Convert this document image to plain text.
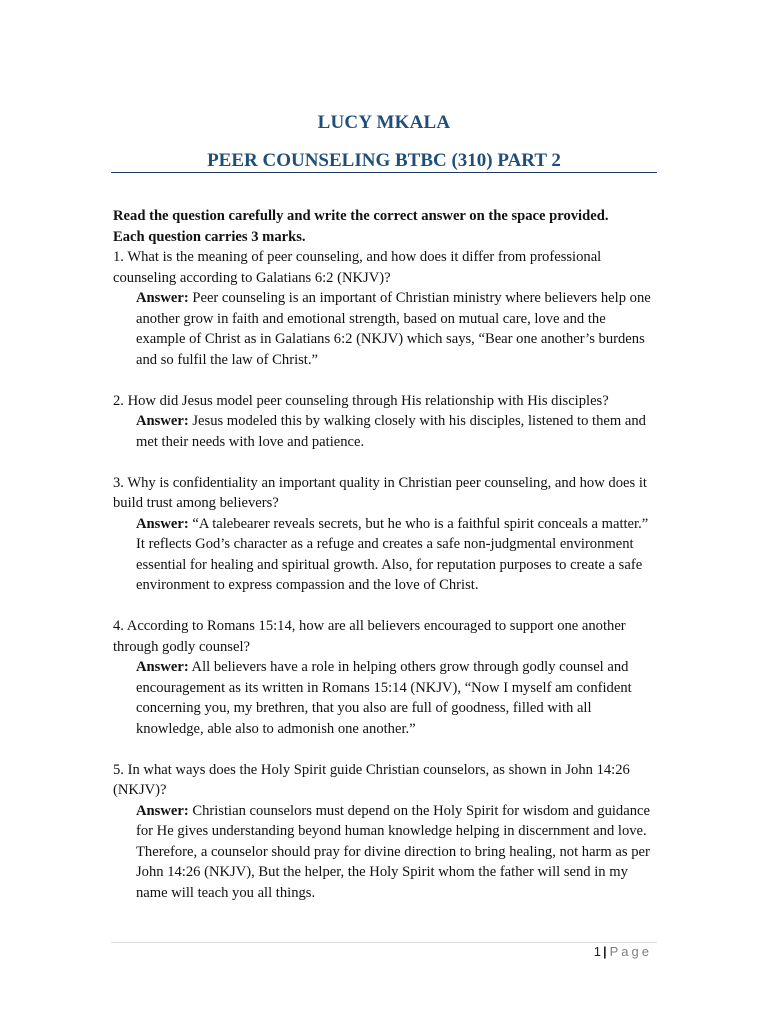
LUCY MKALA
PEER COUNSELING BTBC (310) PART 2

Read the question carefully and write the correct answer on the space provided.
Each question carries 3 marks.

1. What is the meaning of peer counseling, and how does it differ from professional counseling according to Galatians 6:2 (NKJV)?

Answer: Peer counseling is an important of Christian ministry where believers help one another grow in faith and emotional strength, based on mutual care, love and the example of Christ as in Galatians 6:2 (NKJV) which says, “Bear one another’s burdens and so fulfil the law of Christ.”

2. How did Jesus model peer counseling through His relationship with His disciples?

Answer: Jesus modeled this by walking closely with his disciples, listened to them and met their needs with love and patience.

3. Why is confidentiality an important quality in Christian peer counseling, and how does it build trust among believers?

Answer: “A talebearer reveals secrets, but he who is a faithful spirit conceals a matter.” It reflects God’s character as a refuge and creates a safe non-judgmental environment essential for healing and spiritual growth. Also, for reputation purposes to create a safe environment to express compassion and the love of Christ.

4. According to Romans 15:14, how are all believers encouraged to support one another through godly counsel?

Answer: All believers have a role in helping others grow through godly counsel and encouragement as its written in Romans 15:14 (NKJV), “Now I myself am confident concerning you, my brethren, that you also are full of goodness, filled with all knowledge, able also to admonish one another.”

5. In what ways does the Holy Spirit guide Christian counselors, as shown in John 14:26 (NKJV)?

Answer: Christian counselors must depend on the Holy Spirit for wisdom and guidance for He gives understanding beyond human knowledge helping in discernment and love. Therefore, a counselor should pray for divine direction to bring healing, not harm as per John 14:26 (NKJV), But the helper, the Holy Spirit whom the father will send in my name will teach you all things.

1 | Page
